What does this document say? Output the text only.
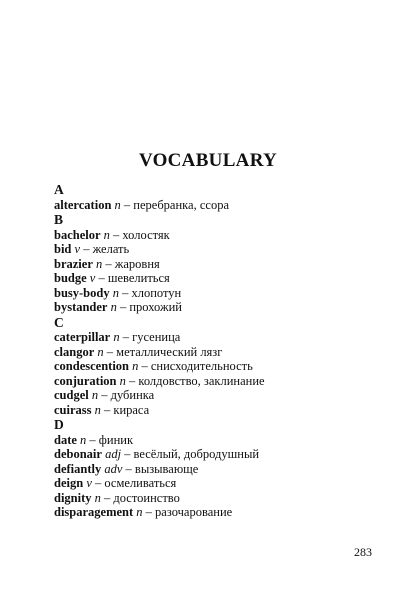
VOCABULARY
A
altercation n – перебранка, ссора
B
bachelor n – холостяк
bid v – желать
brazier n – жаровня
budge v – шевелиться
busy-body n – хлопотун
bystander n – прохожий
C
caterpillar n – гусеница
clangor n – металлический лязг
condescention n – снисходительность
conjuration n – колдовство, заклинание
cudgel n – дубинка
cuirass n – кираса
D
date n – финик
debonair adj – весёлый, добродушный
defiantly adv – вызывающе
deign v – осмеливаться
dignity n – достоинство
disparagement n – разочарование
283
